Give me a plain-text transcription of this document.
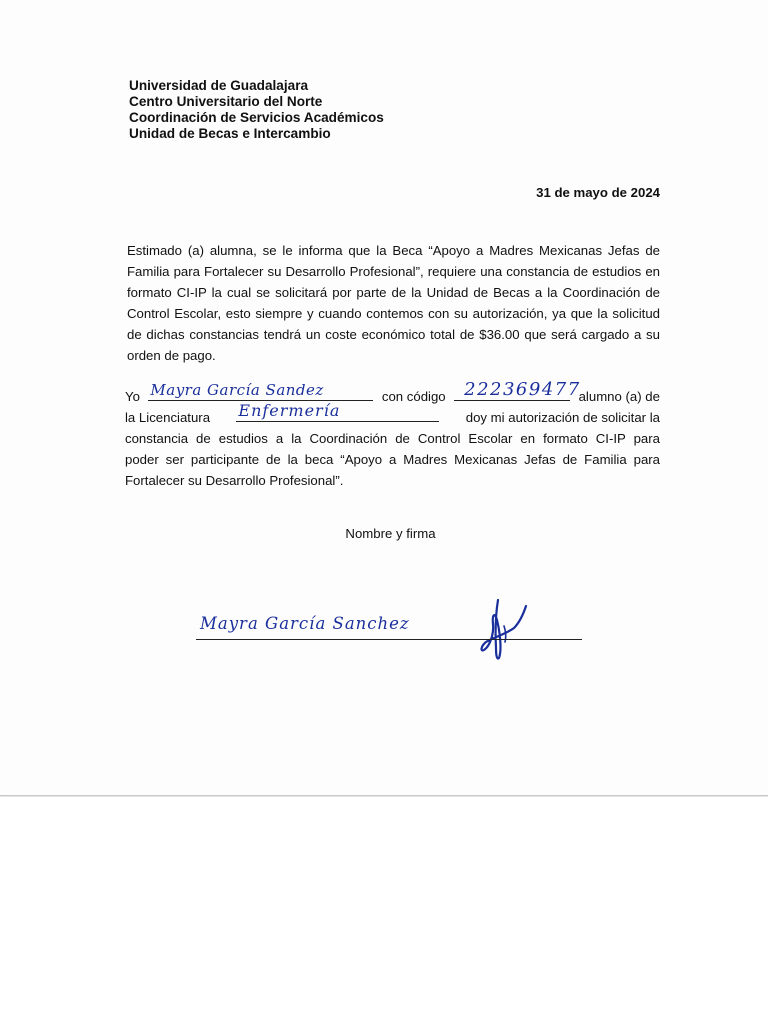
Universidad de Guadalajara
Centro Universitario del Norte
Coordinación de Servicios Académicos
Unidad de Becas e Intercambio
31 de mayo de 2024
Estimado (a) alumna, se le informa que la Beca “Apoyo a Madres Mexicanas Jefas de Familia para Fortalecer su Desarrollo Profesional”, requiere una constancia de estudios en formato CI-IP la cual se solicitará por parte de la Unidad de Becas a la Coordinación de Control Escolar, esto siempre y cuando contemos con su autorización, ya que la solicitud de dichas constancias tendrá un coste económico total de $36.00 que será cargado a su orden de pago.
Yo Mayra García Sandez	con código 222369477
alumno (a) de
la Licenciatura Enfermería	doy mi autorización de solicitar la
constancia de estudios a la Coordinación de Control Escolar en formato CI-IP para
poder ser participante de la beca “Apoyo a Madres Mexicanas Jefas de Familia para
Fortalecer su Desarrollo Profesional”.
Nombre y firma
Mayra García Sanchez
